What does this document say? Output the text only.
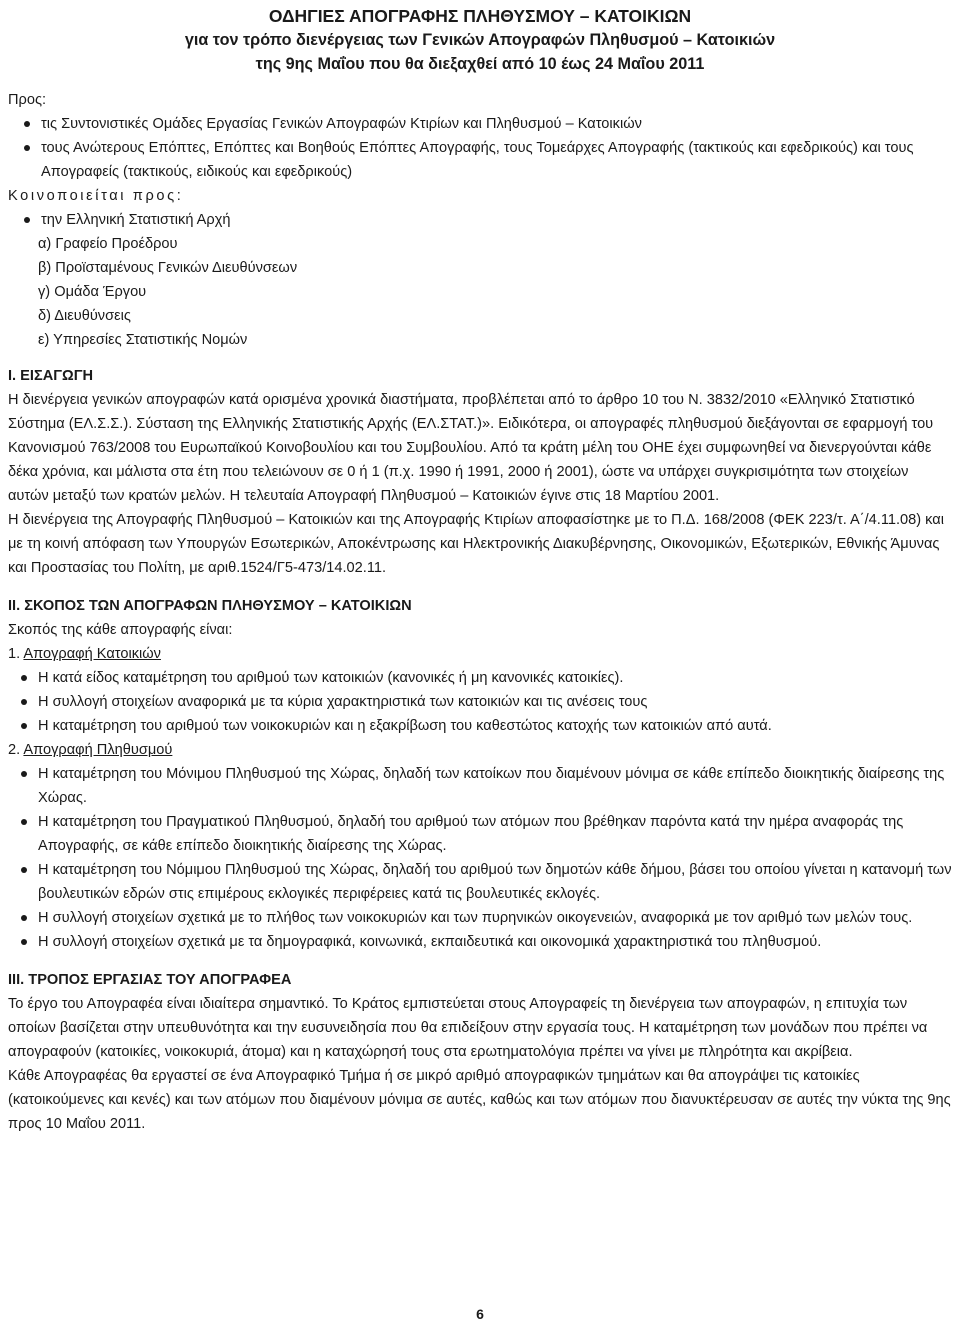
ΟΔΗΓΙΕΣ ΑΠΟΓΡΑΦΗΣ ΠΛΗΘΥΣΜΟΥ – ΚΑΤΟΙΚΙΩΝ
για τον τρόπο διενέργειας των Γενικών Απογραφών Πληθυσμού – Κατοικιών
της 9ης Μαΐου που θα διεξαχθεί από 10 έως 24 Μαΐου 2011

Προς:

τις Συντονιστικές Ομάδες Εργασίας Γενικών Απογραφών Κτιρίων και Πληθυσμού – Κατοικιών
τους Ανώτερους Επόπτες, Επόπτες και Βοηθούς Επόπτες Απογραφής, τους Τομεάρχες Απογραφής (τακτικούς και εφεδρικούς) και τους Απογραφείς (τακτικούς, ειδικούς και εφεδρικούς)

Κοινοποιείται προς:

την Ελληνική Στατιστική Αρχή
α) Γραφείο Προέδρου
β) Προϊσταμένους Γενικών Διευθύνσεων
γ) Ομάδα Έργου
δ) Διευθύνσεις
ε) Υπηρεσίες Στατιστικής Νομών
I. ΕΙΣΑΓΩΓΗ

Η διενέργεια γενικών απογραφών κατά ορισμένα χρονικά διαστήματα, προβλέπεται από το άρθρο 10 του Ν. 3832/2010 «Ελληνικό Στατιστικό Σύστημα (ΕΛ.Σ.Σ.). Σύσταση της Ελληνικής Στατιστικής Αρχής (ΕΛ.ΣΤΑΤ.)». Ειδικότερα, οι απογραφές πληθυσμού διεξάγονται σε εφαρμογή του Κανονισμού 763/2008 του Ευρωπαϊκού Κοινοβουλίου και του Συμβουλίου. Από τα κράτη μέλη του ΟΗΕ έχει συμφωνηθεί να διενεργούνται κάθε δέκα χρόνια, και μάλιστα στα έτη που τελειώνουν σε 0 ή 1 (π.χ. 1990 ή 1991, 2000 ή 2001), ώστε να υπάρχει συγκρισιμότητα των στοιχείων αυτών μεταξύ των κρατών μελών. Η τελευταία Απογραφή Πληθυσμού – Κατοικιών έγινε στις 18 Μαρτίου 2001.

Η διενέργεια της Απογραφής Πληθυσμού – Κατοικιών και της Απογραφής Κτιρίων αποφασίστηκε με το Π.Δ. 168/2008 (ΦΕΚ 223/τ. Α΄/4.11.08) και με τη κοινή απόφαση των Υπουργών Εσωτερικών, Αποκέντρωσης και Ηλεκτρονικής Διακυβέρνησης, Οικονομικών, Εξωτερικών, Εθνικής Άμυνας και Προστασίας του Πολίτη, με αριθ.1524/Γ5-473/14.02.11.

II. ΣΚΟΠΟΣ ΤΩΝ ΑΠΟΓΡΑΦΩΝ ΠΛΗΘΥΣΜΟΥ – ΚΑΤΟΙΚΙΩΝ

Σκοπός της κάθε απογραφής είναι:

1. Απογραφή Κατοικιών

Η κατά είδος καταμέτρηση του αριθμού των κατοικιών (κανονικές ή μη κανονικές κατοικίες).
Η συλλογή στοιχείων αναφορικά με τα κύρια χαρακτηριστικά των κατοικιών και τις ανέσεις τους
Η καταμέτρηση του αριθμού των νοικοκυριών και η εξακρίβωση του καθεστώτος κατοχής των κατοικιών από αυτά.

2. Απογραφή Πληθυσμού

Η καταμέτρηση του Μόνιμου Πληθυσμού της Χώρας, δηλαδή των κατοίκων που διαμένουν μόνιμα σε κάθε επίπεδο διοικητικής διαίρεσης της Χώρας.
Η καταμέτρηση του Πραγματικού Πληθυσμού, δηλαδή του αριθμού των ατόμων που βρέθηκαν παρόντα κατά την ημέρα αναφοράς της Απογραφής, σε κάθε επίπεδο διοικητικής διαίρεσης της Χώρας.
Η καταμέτρηση του Νόμιμου Πληθυσμού της Χώρας, δηλαδή του αριθμού των δημοτών κάθε δήμου, βάσει του οποίου γίνεται η κατανομή των βουλευτικών εδρών στις επιμέρους εκλογικές περιφέρειες κατά τις βουλευτικές εκλογές.
Η συλλογή στοιχείων σχετικά με το πλήθος των νοικοκυριών και των πυρηνικών οικογενειών, αναφορικά με τον αριθμό των μελών τους.
Η συλλογή στοιχείων σχετικά με τα δημογραφικά, κοινωνικά, εκπαιδευτικά και οικονομικά χαρακτηριστικά του πληθυσμού.
III. ΤΡΟΠΟΣ ΕΡΓΑΣΙΑΣ ΤΟΥ ΑΠΟΓΡΑΦΕΑ

Το έργο του Απογραφέα είναι ιδιαίτερα σημαντικό. Το Κράτος εμπιστεύεται στους Απογραφείς τη διενέργεια των απογραφών, η επιτυχία των οποίων βασίζεται στην υπευθυνότητα και την ευσυνειδησία που θα επιδείξουν στην εργασία τους. Η καταμέτρηση των μονάδων που πρέπει να απογραφούν (κατοικίες, νοικοκυριά, άτομα) και η καταχώρησή τους στα ερωτηματολόγια πρέπει να γίνει με πληρότητα και ακρίβεια.

Κάθε Απογραφέας θα εργαστεί σε ένα Απογραφικό Τμήμα ή σε μικρό αριθμό απογραφικών τμημάτων και θα απογράψει τις κατοικίες (κατοικούμενες και κενές) και των ατόμων που διαμένουν μόνιμα σε αυτές, καθώς και των ατόμων που διανυκτέρευσαν σε αυτές την νύκτα της 9ης προς 10 Μαΐου 2011.

6
